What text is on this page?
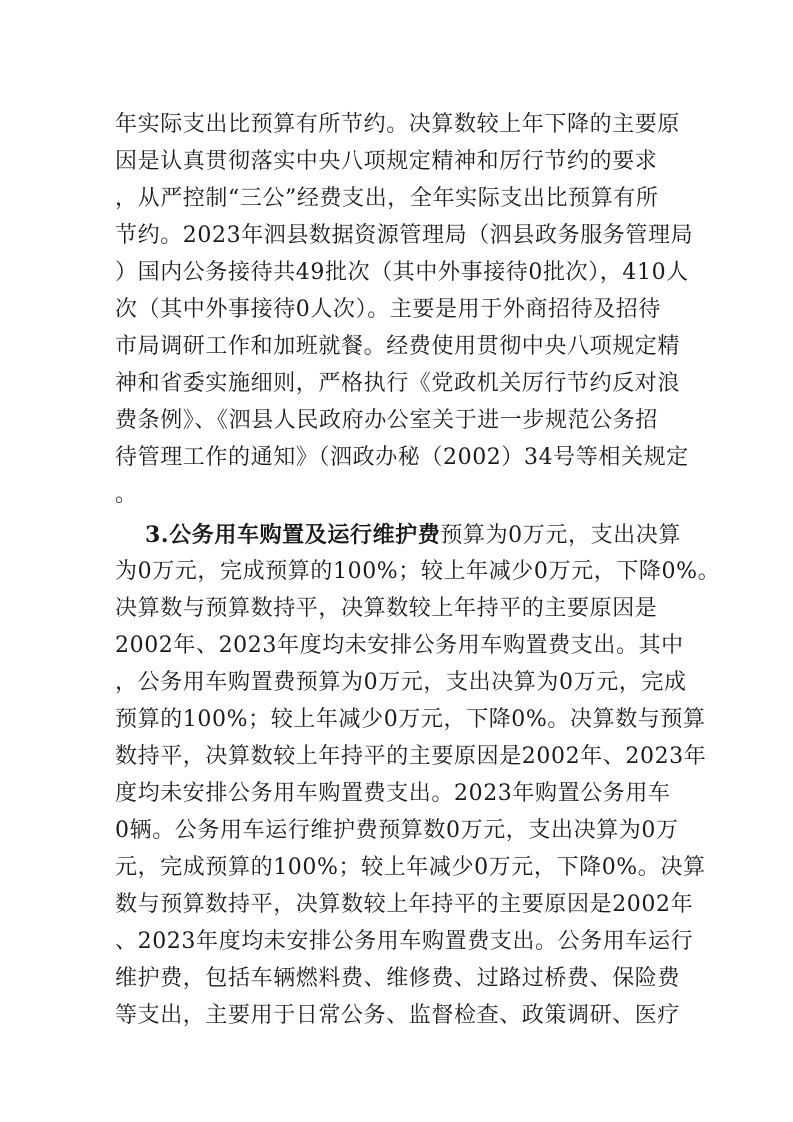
年实际支出比预算有所节约。决算数较上年下降的主要原
因是认真贯彻落实中央八项规定精神和厉行节约的要求
，从严控制“三公”经费支出，全年实际支出比预算有所
节约。2023年泗县数据资源管理局（泗县政务服务管理局
）国内公务接待共49批次（其中外事接待0批次），410人
次（其中外事接待0人次）。主要是用于外商招待及招待
市局调研工作和加班就餐。经费使用贯彻中央八项规定精
神和省委实施细则，严格执行《党政机关厉行节约反对浪
费条例》、《泗县人民政府办公室关于进一步规范公务招
待管理工作的通知》（泗政办秘（2002）34号等相关规定
。
3.公务用车购置及运行维护费预算为0万元，支出决算
为0万元，完成预算的100%；较上年减少0万元，下降0%。
决算数与预算数持平，决算数较上年持平的主要原因是
2002年、2023年度均未安排公务用车购置费支出。其中
，公务用车购置费预算为0万元，支出决算为0万元，完成
预算的100%；较上年减少0万元，下降0%。决算数与预算
数持平，决算数较上年持平的主要原因是2002年、2023年
度均未安排公务用车购置费支出。2023年购置公务用车
0辆。公务用车运行维护费预算数0万元，支出决算为0万
元，完成预算的100%；较上年减少0万元，下降0%。决算
数与预算数持平，决算数较上年持平的主要原因是2002年
、2023年度均未安排公务用车购置费支出。公务用车运行
维护费，包括车辆燃料费、维修费、过路过桥费、保险费
等支出，主要用于日常公务、监督检查、政策调研、医疗
